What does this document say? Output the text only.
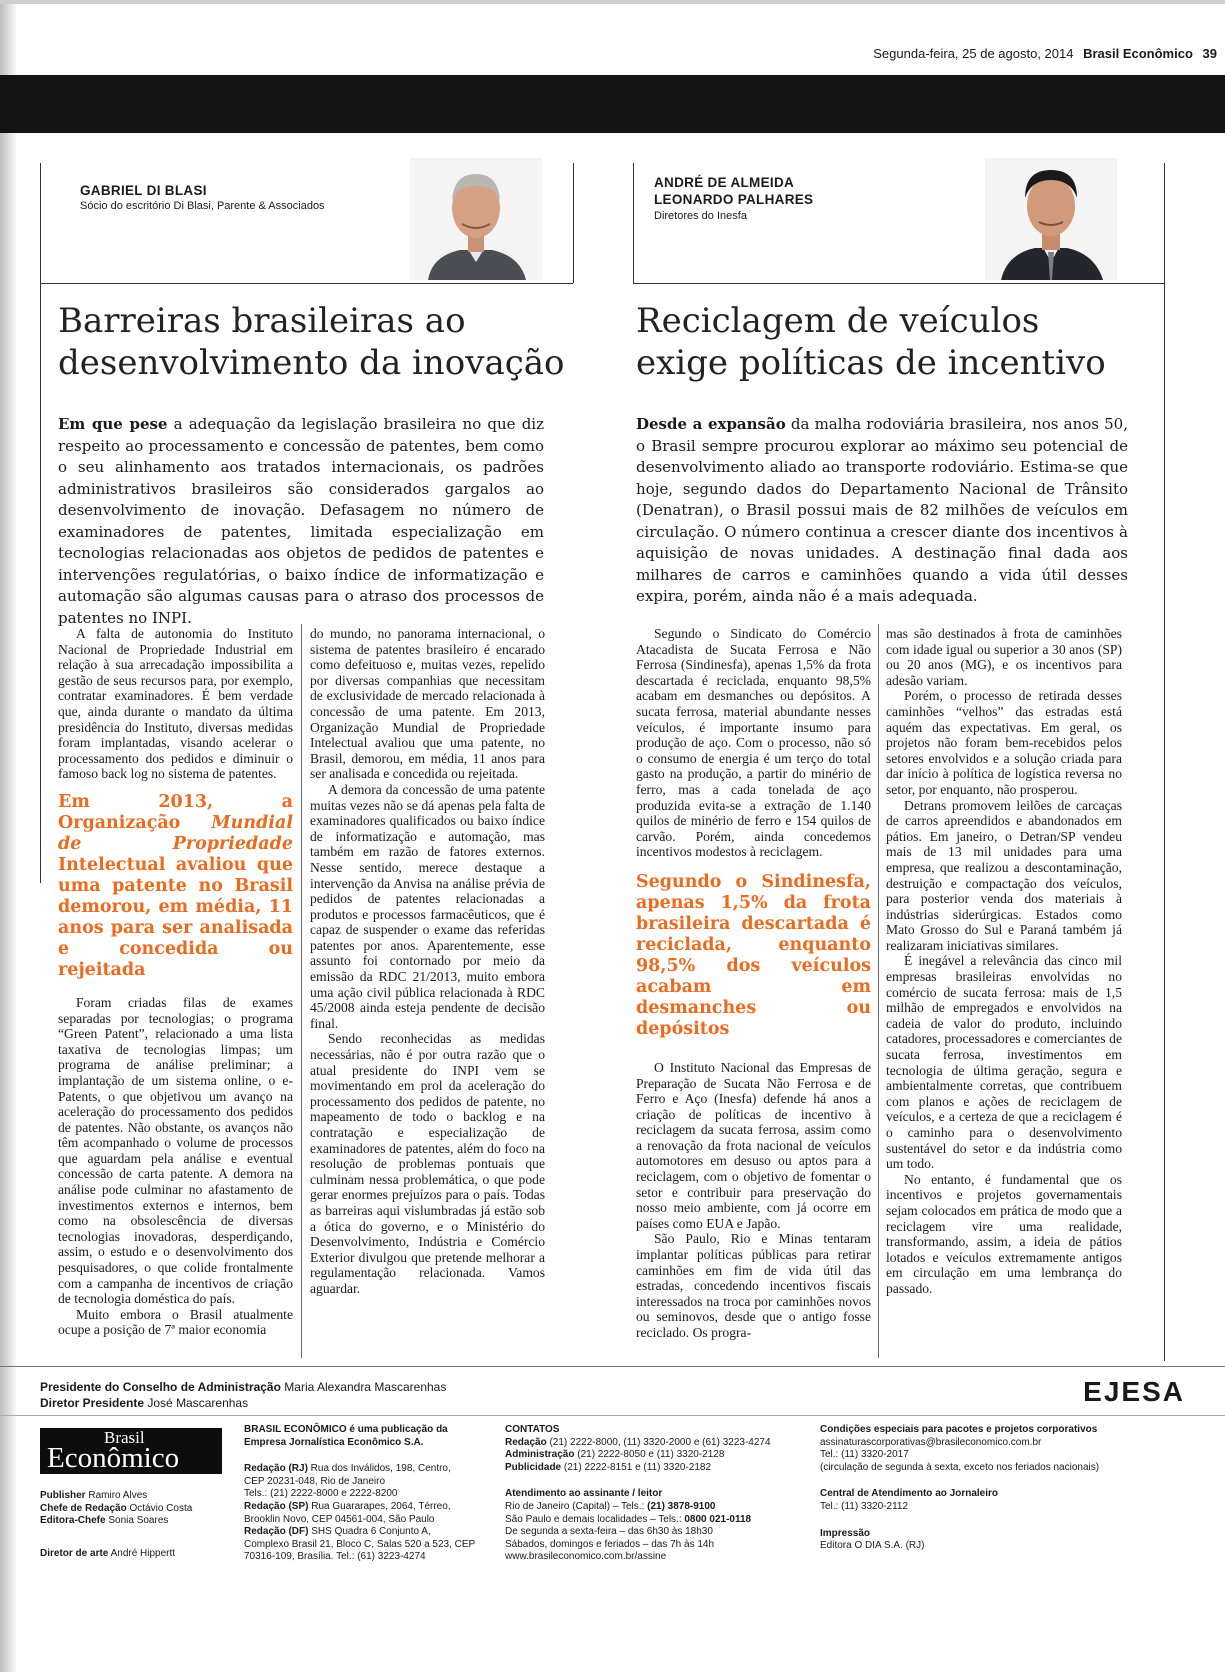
Segunda-feira, 25 de agosto, 2014 Brasil Econômico 39
GABRIEL DI BLASI
Sócio do escritório Di Blasi, Parente & Associados
Barreiras brasileiras ao
desenvolvimento da inovação
Em que pese a adequação da legislação brasileira no que diz respeito ao processamento e concessão de patentes, bem como o seu alinhamento aos tratados internacionais, os padrões administrativos brasileiros são considerados gargalos ao desenvolvimento de inovação. Defasagem no número de examinadores de patentes, limitada especialização em tecnologias relacionadas aos objetos de pedidos de patentes e intervenções regulatórias, o baixo índice de informatização e automação são algumas causas para o atraso dos processos de patentes no INPI.

A falta de autonomia do Instituto Nacional de Propriedade Industrial em relação à sua arrecadação impossibilita a gestão de seus recursos para, por exemplo, contratar examinadores. É bem verdade que, ainda durante o mandato da última presidência do Instituto, diversas medidas foram implantadas, visando acelerar o processamento dos pedidos e diminuir o famoso back log no sistema de patentes.

Em 2013, a Organização Mundial de Propriedade Intelectual avaliou que uma patente no Brasil demorou, em média, 11 anos para ser analisada e concedida ou rejeitada

Foram criadas filas de exames separadas por tecnologias; o programa “Green Patent”, relacionado a uma lista taxativa de tecnologias limpas; um programa de análise preliminar; a implantação de um sistema online, o e-Patents, o que objetivou um avanço na aceleração do processamento dos pedidos de patentes. Não obstante, os avanços não têm acompanhado o volume de processos que aguardam pela análise e eventual concessão de carta patente. A demora na análise pode culminar no afastamento de investimentos externos e internos, bem como na obsolescência de diversas tecnologias inovadoras, desperdiçando, assim, o estudo e o desenvolvimento dos pesquisadores, o que colide frontalmente com a campanha de incentivos de criação de tecnologia doméstica do país.

Muito embora o Brasil atualmente ocupe a posição de 7ª maior economia

do mundo, no panorama internacional, o sistema de patentes brasileiro é encarado como defeituoso e, muitas vezes, repelido por diversas companhias que necessitam de exclusividade de mercado relacionada à concessão de uma patente. Em 2013, Organização Mundial de Propriedade Intelectual avaliou que uma patente, no Brasil, demorou, em média, 11 anos para ser analisada e concedida ou rejeitada.

A demora da concessão de uma patente muitas vezes não se dá apenas pela falta de examinadores qualificados ou baixo índice de informatização e automação, mas também em razão de fatores externos. Nesse sentido, merece destaque a intervenção da Anvisa na análise prévia de pedidos de patentes relacionadas a produtos e processos farmacêuticos, que é capaz de suspender o exame das referidas patentes por anos. Aparentemente, esse assunto foi contornado por meio da emissão da RDC 21/2013, muito embora uma ação civil pública relacionada à RDC 45/2008 ainda esteja pendente de decisão final.

Sendo reconhecidas as medidas necessárias, não é por outra razão que o atual presidente do INPI vem se movimentando em prol da aceleração do processamento dos pedidos de patente, no mapeamento de todo o backlog e na contratação e especialização de examinadores de patentes, além do foco na resolução de problemas pontuais que culminam nessa problemática, o que pode gerar enormes prejuízos para o país. Todas as barreiras aqui vislumbradas já estão sob a ótica do governo, e o Ministério do Desenvolvimento, Indústria e Comércio Exterior divulgou que pretende melhorar a regulamentação relacionada. Vamos aguardar.

ANDRÉ DE ALMEIDA
LEONARDO PALHARES
Diretores do Inesfa
Reciclagem de veículos
exige políticas de incentivo
Desde a expansão da malha rodoviária brasileira, nos anos 50, o Brasil sempre procurou explorar ao máximo seu potencial de desenvolvimento aliado ao transporte rodoviário. Estima-se que hoje, segundo dados do Departamento Nacional de Trânsito (Denatran), o Brasil possui mais de 82 milhões de veículos em circulação. O número continua a crescer diante dos incentivos à aquisição de novas unidades. A destinação final dada aos milhares de carros e caminhões quando a vida útil desses expira, porém, ainda não é a mais adequada.

Segundo o Sindicato do Comércio Atacadista de Sucata Ferrosa e Não Ferrosa (Sindinesfa), apenas 1,5% da frota descartada é reciclada, enquanto 98,5% acabam em desmanches ou depósitos. A sucata ferrosa, material abundante nesses veículos, é importante insumo para produção de aço. Com o processo, não só o consumo de energia é um terço do total gasto na produção, a partir do minério de ferro, mas a cada tonelada de aço produzida evita-se a extração de 1.140 quilos de minério de ferro e 154 quilos de carvão. Porém, ainda concedemos incentivos modestos à reciclagem.

Segundo o Sindinesfa, apenas 1,5% da frota brasileira descartada é reciclada, enquanto 98,5% dos veículos acabam em desmanches ou depósitos

O Instituto Nacional das Empresas de Preparação de Sucata Não Ferrosa e de Ferro e Aço (Inesfa) defende há anos a criação de políticas de incentivo à reciclagem da sucata ferrosa, assim como a renovação da frota nacional de veículos automotores em desuso ou aptos para a reciclagem, com o objetivo de fomentar o setor e contribuir para preservação do nosso meio ambiente, com já ocorre em países como EUA e Japão.

São Paulo, Rio e Minas tentaram implantar políticas públicas para retirar caminhões em fim de vida útil das estradas, concedendo incentivos fiscais interessados na troca por caminhões novos ou seminovos, desde que o antigo fosse reciclado. Os progra-

mas são destinados à frota de caminhões com idade igual ou superior a 30 anos (SP) ou 20 anos (MG), e os incentivos para adesão variam.

Porém, o processo de retirada desses caminhões “velhos” das estradas está aquém das expectativas. Em geral, os projetos não foram bem-recebidos pelos setores envolvidos e a solução criada para dar início à política de logística reversa no setor, por enquanto, não prosperou.

Detrans promovem leilões de carcaças de carros apreendidos e abandonados em pátios. Em janeiro, o Detran/SP vendeu mais de 13 mil unidades para uma empresa, que realizou a descontaminação, destruição e compactação dos veículos, para posterior venda dos materiais à indústrias siderúrgicas. Estados como Mato Grosso do Sul e Paraná também já realizaram iniciativas similares.

É inegável a relevância das cinco mil empresas brasileiras envolvidas no comércio de sucata ferrosa: mais de 1,5 milhão de empregados e envolvidos na cadeia de valor do produto, incluindo catadores, processadores e comerciantes de sucata ferrosa, investimentos em tecnologia de última geração, segura e ambientalmente corretas, que contribuem com planos e ações de reciclagem de veículos, e a certeza de que a reciclagem é o caminho para o desenvolvimento sustentável do setor e da indústria como um todo.

No entanto, é fundamental que os incentivos e projetos governamentais sejam colocados em prática de modo que a reciclagem vire uma realidade, transformando, assim, a ideia de pátios lotados e veículos extremamente antigos em circulação em uma lembrança do passado.

Presidente do Conselho de Administração Maria Alexandra Mascarenhas
Diretor Presidente José Mascarenhas	EJESA
Brasil
Econômico
Publisher Ramiro Alves
Chefe de Redação Octávio Costa
Editora-Chefe Sonia Soares
Diretor de arte André Hippertt
BRASIL ECONÔMICO é uma publicação da
Empresa Jornalística Econômico S.A.
Redação (RJ) Rua dos Inválidos, 198, Centro,
CEP 20231-048, Rio de Janeiro
Tels.: (21) 2222-8000 e 2222-8200
Redação (SP) Rua Guararapes, 2064, Térreo,
Brooklin Novo, CEP 04561-004, São Paulo
Redação (DF) SHS Quadra 6 Conjunto A,
Complexo Brasil 21, Bloco C, Salas 520 a 523, CEP
70316-109, Brasília. Tel.: (61) 3223-4274
CONTATOS
Redação (21) 2222-8000, (11) 3320-2000 e (61) 3223-4274
Administração (21) 2222-8050 e (11) 3320-2128
Publicidade (21) 2222-8151 e (11) 3320-2182
Atendimento ao assinante / leitor
Rio de Janeiro (Capital) – Tels.: (21) 3878-9100
São Paulo e demais localidades – Tels.: 0800 021-0118
De segunda a sexta-feira – das 6h30 às 18h30
Sábados, domingos e feriados – das 7h às 14h
www.brasileconomico.com.br/assine
Condições especiais para pacotes e projetos corporativos
assinaturascorporativas@brasileconomico.com.br
Tel.: (11) 3320-2017
(circulação de segunda à sexta, exceto nos feriados nacionais)
Central de Atendimento ao Jornaleiro
Tel.: (11) 3320-2112
Impressão
Editora O DIA S.A. (RJ)
